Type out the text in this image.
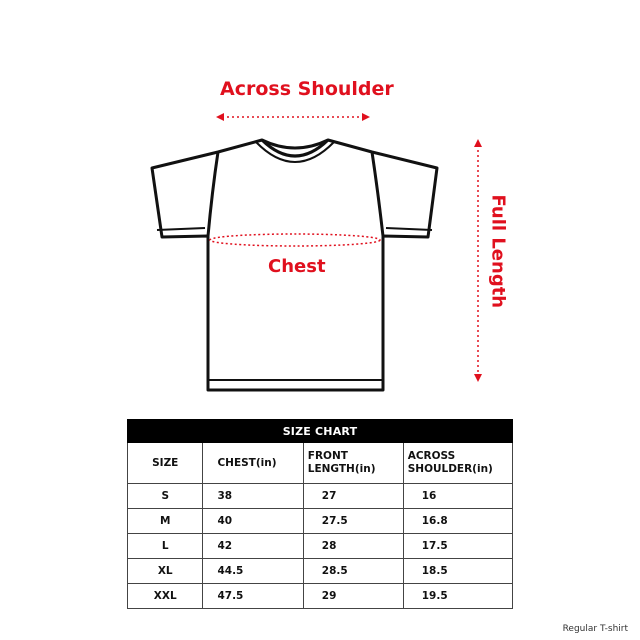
Across Shoulder
Chest	Full Length
SIZE CHART			
SIZE	CHEST(in)	FRONT LENGTH(in)	ACROSS SHOULDER(in)
S	38	27	16
M	40	27.5	16.8
L	42	28	17.5
XL	44.5	28.5	18.5
XXL	47.5	29	19.5
Regular T-shirt
